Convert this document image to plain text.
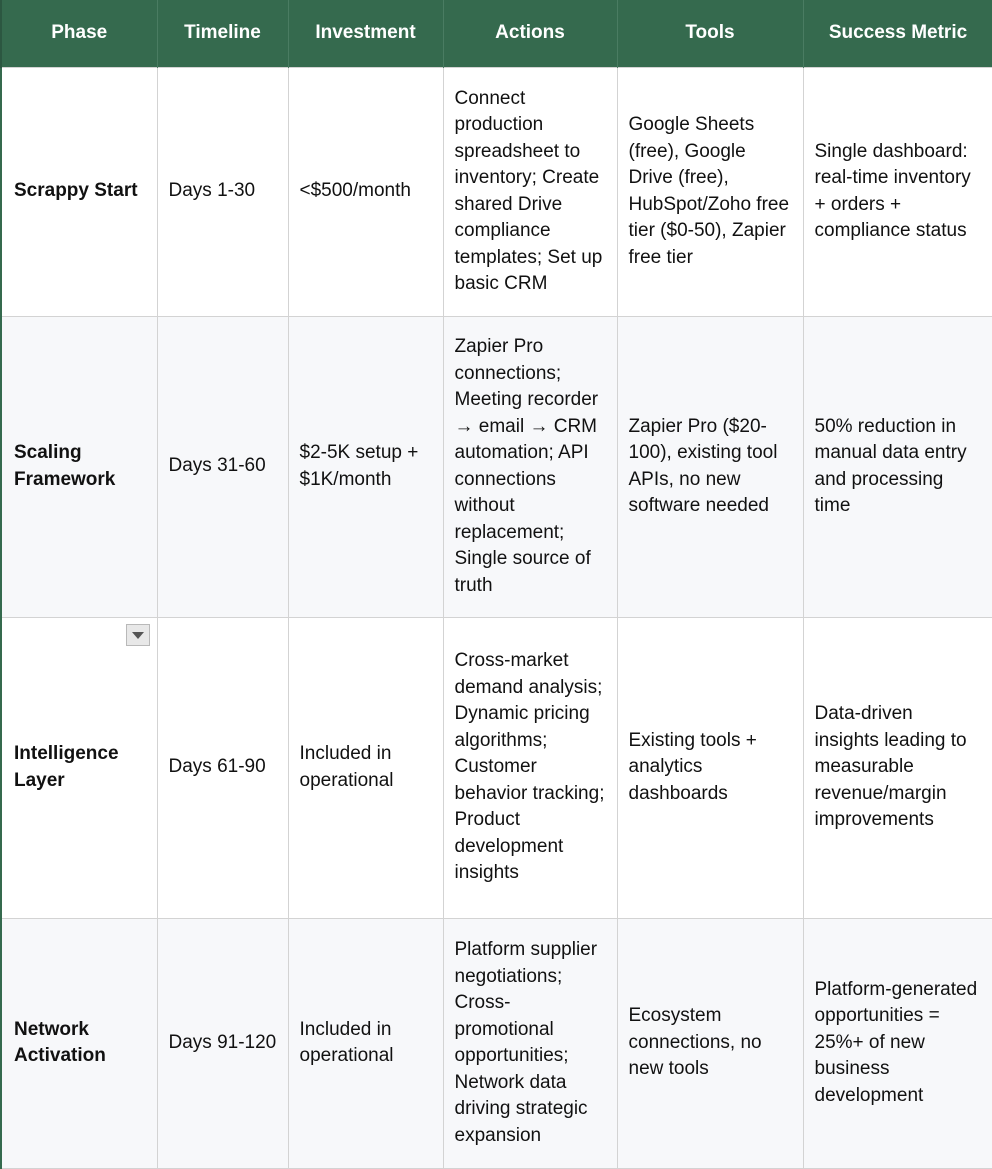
Phase	Timeline	Investment	Actions	Tools	Success Metric
Scrappy Start	Days 1-30	<$500/month	Connect production spreadsheet to inventory; Create shared Drive compliance templates; Set up basic CRM	Google Sheets (free), Google Drive (free), HubSpot/Zoho free tier ($0-50), Zapier free tier	Single dashboard: real-time inventory + orders + compliance status
Scaling Framework	Days 31-60	$2-5K setup + $1K/month	Zapier Pro connections; Meeting recorder → email → CRM automation; API connections without replacement; Single source of truth	Zapier Pro ($20-100), existing tool APIs, no new software needed	50% reduction in manual data entry and processing time
Intelligence Layer	Days 61-90	Included in operational	Cross-market demand analysis; Dynamic pricing algorithms; Customer behavior tracking; Product development insights	Existing tools + analytics dashboards	Data-driven insights leading to measurable revenue/margin improvements
Network Activation	Days 91-120	Included in operational	Platform supplier negotiations; Cross-promotional opportunities; Network data driving strategic expansion	Ecosystem connections, no new tools	Platform-generated opportunities = 25%+ of new business development
